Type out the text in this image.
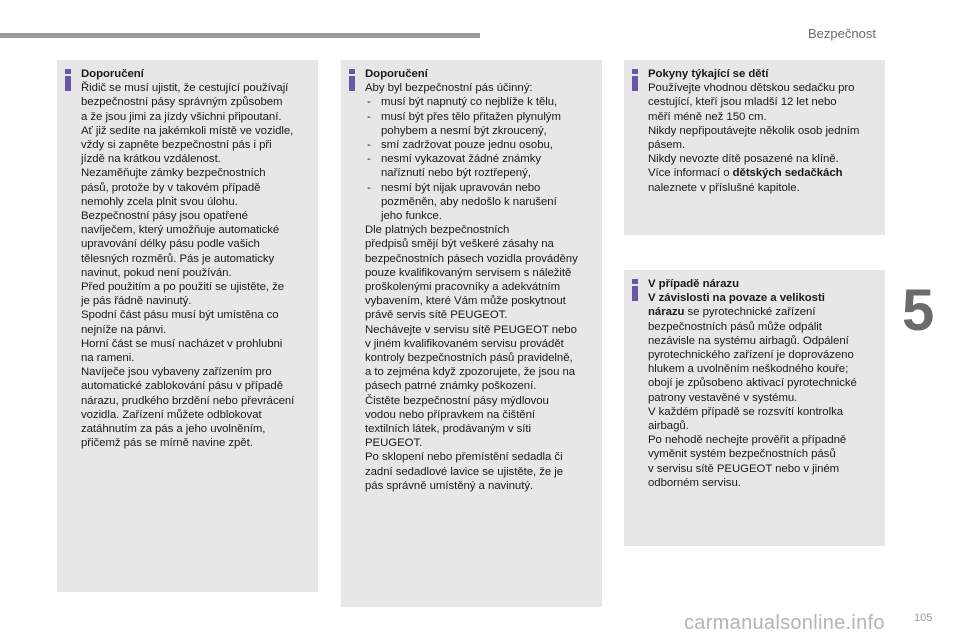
Bezpečnost
5
carmanualsonline.info	105

Doporučení

Řidič se musí ujistit, že cestující používají

bezpečnostní pásy správným způsobem

a že jsou jimi za jízdy všichni připoutaní.

Ať již sedíte na jakémkoli místě ve vozidle,

vždy si zapněte bezpečnostní pás i při

jízdě na krátkou vzdálenost.

Nezaměňujte zámky bezpečnostních

pásů, protože by v takovém případě

nemohly zcela plnit svou úlohu.

Bezpečnostní pásy jsou opatřené

navíječem, který umožňuje automatické

upravování délky pásu podle vašich

tělesných rozměrů. Pás je automaticky

navinut, pokud není používán.

Před použitím a po použití se ujistěte, že

je pás řádně navinutý.

Spodní část pásu musí být umístěna co

nejníže na pánvi.

Horní část se musí nacházet v prohlubni

na rameni.

Navíječe jsou vybaveny zařízením pro

automatické zablokování pásu v případě

nárazu, prudkého brzdění nebo převrácení

vozidla. Zařízení můžete odblokovat

zatáhnutím za pás a jeho uvolněním,

přičemž pás se mírně navine zpět.

Doporučení

Aby byl bezpečnostní pás účinný:

- musí být napnutý co nejblíže k tělu,
- musí být přes tělo přitažen plynulým
pohybem a nesmí být zkroucený,
- smí zadržovat pouze jednu osobu,
- nesmí vykazovat žádné známky
naříznutí nebo být roztřepený,
- nesmí být nijak upravován nebo
pozměněn, aby nedošlo k narušení
jeho funkce.

Dle platných bezpečnostních

předpisů smějí být veškeré zásahy na

bezpečnostních pásech vozidla prováděny

pouze kvalifikovaným servisem s náležitě

proškolenými pracovníky a adekvátním

vybavením, které Vám může poskytnout

právě servis sítě PEUGEOT.

Nechávejte v servisu sítě PEUGEOT nebo

v jiném kvalifikovaném servisu provádět

kontroly bezpečnostních pásů pravidelně,

a to zejména když zpozorujete, že jsou na

pásech patrné známky poškození.

Čistěte bezpečnostní pásy mýdlovou

vodou nebo přípravkem na čištění

textilních látek, prodávaným v síti

PEUGEOT.

Po sklopení nebo přemístění sedadla či

zadní sedadlové lavice se ujistěte, že je

pás správně umístěný a navinutý.

Pokyny týkající se dětí

Používejte vhodnou dětskou sedačku pro

cestující, kteří jsou mladší 12 let nebo

měří méně než 150 cm.

Nikdy nepřipoutávejte několik osob jedním

pásem.

Nikdy nevozte dítě posazené na klíně.

Více informací o dětských sedačkách

naleznete v příslušné kapitole.

V případě nárazu

V závislosti na povaze a velikosti

nárazu se pyrotechnické zařízení

bezpečnostních pásů může odpálit

nezávisle na systému airbagů. Odpálení

pyrotechnického zařízení je doprovázeno

hlukem a uvolněním neškodného kouře;

obojí je způsobeno aktivací pyrotechnické

patrony vestavěné v systému.

V každém případě se rozsvítí kontrolka

airbagů.

Po nehodě nechejte prověřit a případně

vyměnit systém bezpečnostních pásů

v servisu sítě PEUGEOT nebo v jiném

odborném servisu.
